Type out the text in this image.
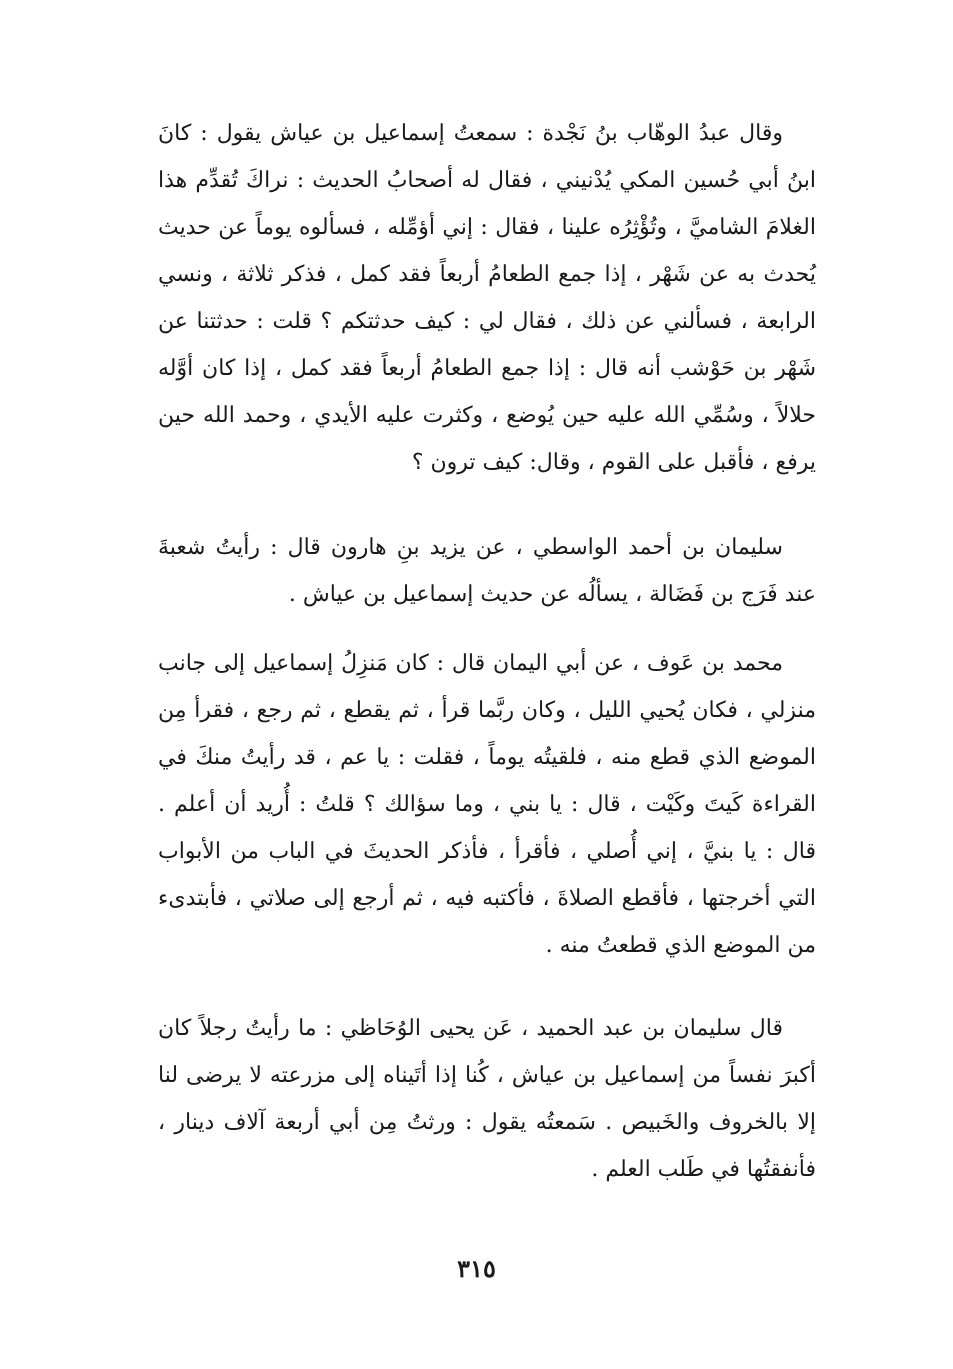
وقال عبدُ الوهّاب بنُ نَجْدة : سمعتُ إسماعيل بن عياش يقول : كانَ ابنُ أبي حُسين المكي يُدْنيني ، فقال له أصحابُ الحديث : نراكَ تُقدِّم هذا الغلامَ الشاميَّ ، وتُؤْثِرُه علينا ، فقال : إني أؤمِّله ، فسألوه يوماً عن حديث يُحدث به عن شَهْر ، إذا جمع الطعامُ أربعاً فقد كمل ، فذكر ثلاثة ، ونسي الرابعة ، فسألني عن ذلك ، فقال لي : كيف حدثتكم ؟ قلت : حدثتنا عن شَهْر بن حَوْشب أنه قال : إذا جمع الطعامُ أربعاً فقد كمل ، إذا كان أوَّله حلالاً ، وسُمِّي الله عليه حين يُوضع ، وكثرت عليه الأيدي ، وحمد الله حين يرفع ، فأقبل على القوم ، وقال: كيف ترون ؟

سليمان بن أحمد الواسطي ، عن يزيد بنِ هارون قال : رأيتُ شعبةَ عند فَرَج بن فَضَالة ، يسألُه عن حديث إسماعيل بن عياش .

محمد بن عَوف ، عن أبي اليمان قال : كان مَنزِلُ إسماعيل إلى جانب منزلي ، فكان يُحيي الليل ، وكان ربَّما قرأ ، ثم يقطع ، ثم رجع ، فقرأ مِن الموضع الذي قطع منه ، فلقيتُه يوماً ، فقلت : يا عم ، قد رأيتُ منكَ في القراءة كَيتَ وكَيْت ، قال : يا بني ، وما سؤالك ؟ قلتُ : أُريد أن أعلم . قال : يا بنيَّ ، إني أُصلي ، فأقرأ ، فأذكر الحديثَ في الباب من الأبواب التي أخرجتها ، فأقطع الصلاةَ ، فأكتبه فيه ، ثم أرجع إلى صلاتي ، فأبتدىء من الموضع الذي قطعتُ منه .

قال سليمان بن عبد الحميد ، عَن يحيى الوُحَاظي : ما رأيتُ رجلاً كان أكبرَ نفساً من إسماعيل بن عياش ، كُنا إذا أتَيناه إلى مزرعته لا يرضى لنا إلا بالخروف والخَبيص . سَمعتُه يقول : ورثتُ مِن أبي أربعة آلاف دينار ، فأنفقتُها في طَلب العلم .

٣١٥
